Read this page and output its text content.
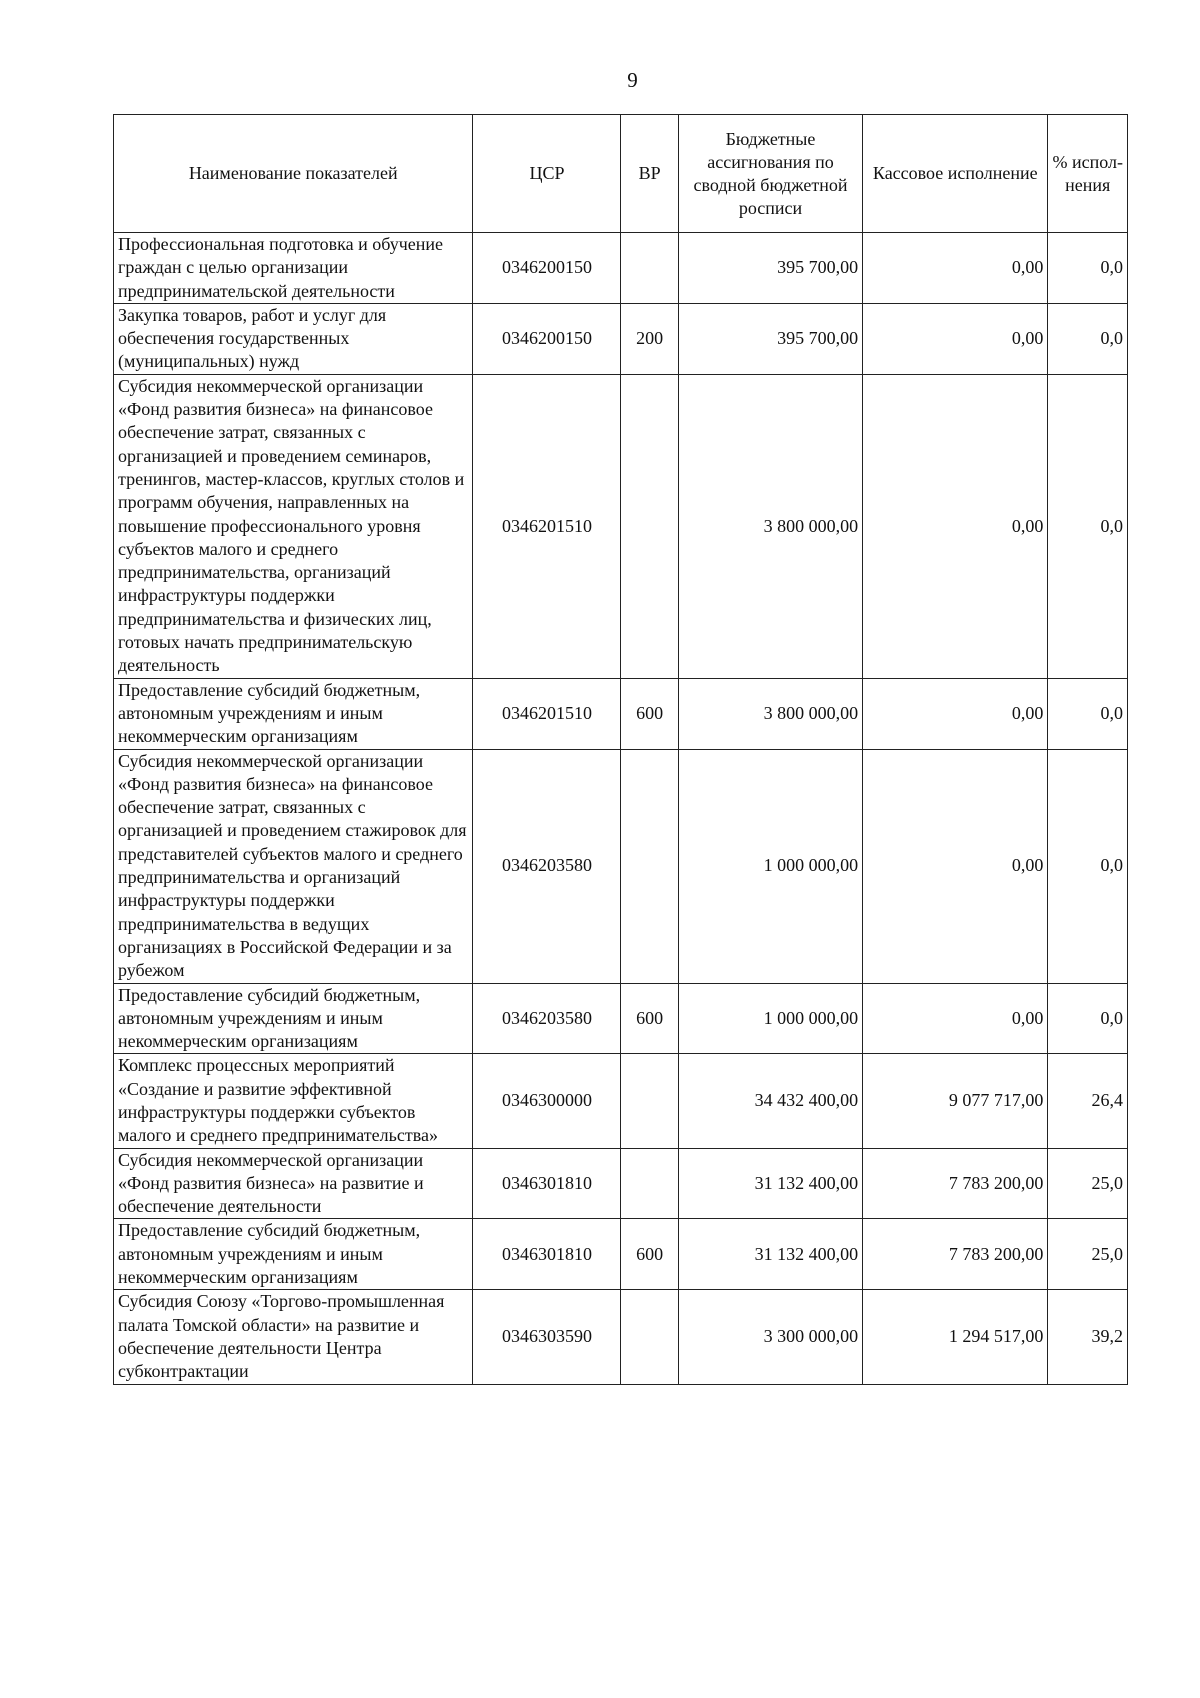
9
Наименование показателей	ЦСР	ВР	Бюджетные ассигнования по сводной бюджетной росписи	Кассовое исполнение	% испол-нения
Профессиональная подготовка и обучение граждан с целью организации предпринимательской деятельности	0346200150		395 700,00	0,00	0,0
Закупка товаров, работ и услуг для обеспечения государственных (муниципальных) нужд	0346200150	200	395 700,00	0,00	0,0
Субсидия некоммерческой организации «Фонд развития бизнеса» на финансовое обеспечение затрат, связанных с организацией и проведением семинаров, тренингов, мастер-классов, круглых столов и программ обучения, направленных на повышение профессионального уровня субъектов малого и среднего предпринимательства, организаций инфраструктуры поддержки предпринимательства и физических лиц, готовых начать предпринимательскую деятельность	0346201510		3 800 000,00	0,00	0,0
Предоставление субсидий бюджетным, автономным учреждениям и иным некоммерческим организациям	0346201510	600	3 800 000,00	0,00	0,0
Субсидия некоммерческой организации «Фонд развития бизнеса» на финансовое обеспечение затрат, связанных с организацией и проведением стажировок для представителей субъектов малого и среднего предпринимательства и организаций инфраструктуры поддержки предпринимательства в ведущих организациях в Российской Федерации и за рубежом	0346203580		1 000 000,00	0,00	0,0
Предоставление субсидий бюджетным, автономным учреждениям и иным некоммерческим организациям	0346203580	600	1 000 000,00	0,00	0,0
Комплекс процессных мероприятий «Создание и развитие эффективной инфраструктуры поддержки субъектов малого и среднего предпринимательства»	0346300000		34 432 400,00	9 077 717,00	26,4
Субсидия некоммерческой организации «Фонд развития бизнеса» на развитие и обеспечение деятельности	0346301810		31 132 400,00	7 783 200,00	25,0
Предоставление субсидий бюджетным, автономным учреждениям и иным некоммерческим организациям	0346301810	600	31 132 400,00	7 783 200,00	25,0
Субсидия Союзу «Торгово-промышленная палата Томской области» на развитие и обеспечение деятельности Центра субконтрактации	0346303590		3 300 000,00	1 294 517,00	39,2
